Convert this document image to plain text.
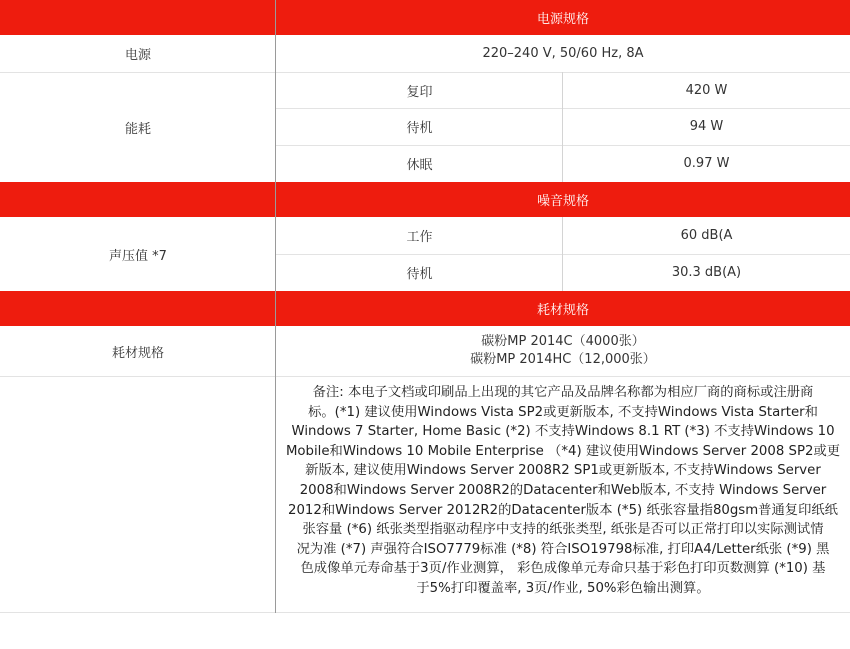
电源规格
电源	220–240 V, 50/60 Hz, 8A
能耗
复印	420 W
待机	94 W
休眠	0.97 W
噪音规格
声压值 *7
工作	60 dB(A
待机	30.3 dB(A)
耗材规格
耗材规格
碳粉MP 2014C（4000张）
碳粉MP 2014HC（12,000张）
备注: 本电子文档或印刷品上出现的其它产品及品牌名称都为相应厂商的商标或注册商
标。(*1) 建议使用Windows Vista SP2或更新版本, 不支持Windows Vista Starter和
Windows 7 Starter, Home Basic (*2) 不支持Windows 8.1 RT (*3) 不支持Windows 10
Mobile和Windows 10 Mobile Enterprise （*4) 建议使用Windows Server 2008 SP2或更
新版本, 建议使用Windows Server 2008R2 SP1或更新版本, 不支持Windows Server
2008和Windows Server 2008R2的Datacenter和Web版本, 不支持 Windows Server
2012和Windows Server 2012R2的Datacenter版本 (*5) 纸张容量指80gsm普通复印纸纸
张容量 (*6) 纸张类型指驱动程序中支持的纸张类型, 纸张是否可以正常打印以实际测试情
况为准 (*7) 声强符合ISO7779标准 (*8) 符合ISO19798标准, 打印A4/Letter纸张 (*9) 黑
色成像单元寿命基于3页/作业测算， 彩色成像单元寿命只基于彩色打印页数测算 (*10) 基
于5%打印覆盖率, 3页/作业, 50%彩色输出测算。
